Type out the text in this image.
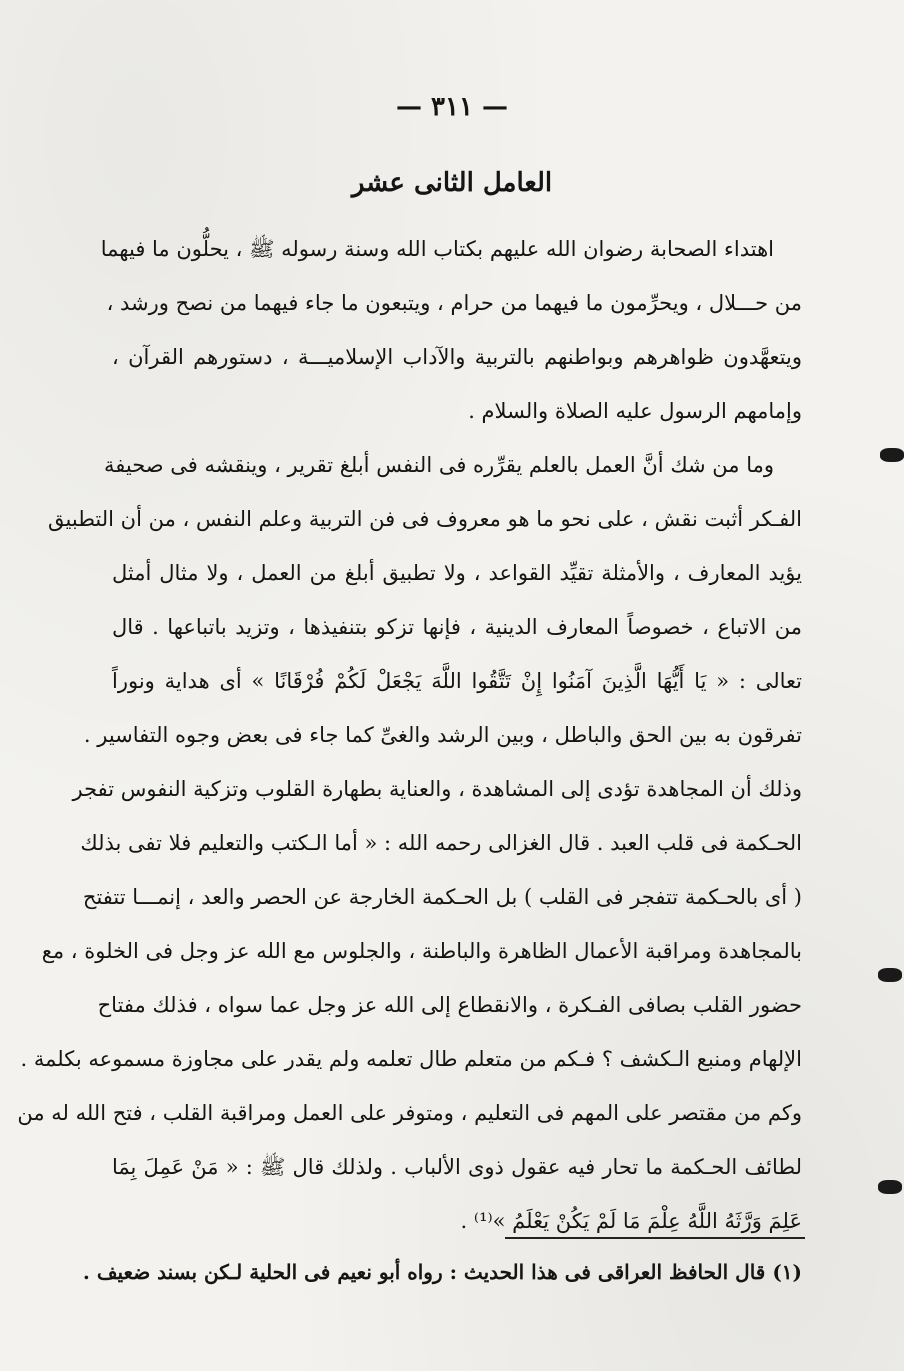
— ٣١١ —
العامل الثانى عشر
اهتداء الصحابة رضوان الله عليهم بكتاب الله وسنة رسوله ﷺ ، يحلُّون ما فيهما
من حـــلال ، ويحرِّمون ما فيهما من حرام ، ويتبعون ما جاء فيهما من نصح ورشد ،
ويتعهَّدون ظواهرهم وبواطنهم بالتربية والآداب الإسلاميـــة ، دستورهم القرآن ،
وإمامهم الرسول عليه الصلاة والسلام .
وما من شك أنَّ العمل بالعلم يقرِّره فى النفس أبلغ تقرير ، وينقشه فى صحيفة
الفـكر أثبت نقش ، على نحو ما هو معروف فى فن التربية وعلم النفس ، من أن التطبيق
يؤيد المعارف ، والأمثلة تقيِّد القواعد ، ولا تطبيق أبلغ من العمل ، ولا مثال أمثل
من الاتباع ، خصوصاً المعارف الدينية ، فإنها تزكو بتنفيذها ، وتزيد باتباعها . قال
تعالى : « يَا أَيُّهَا الَّذِينَ آمَنُوا إِنْ تَتَّقُوا اللَّهَ يَجْعَلْ لَكُمْ فُرْقَانًا » أى هداية ونوراً
تفرقون به بين الحق والباطل ، وبين الرشد والغىِّ كما جاء فى بعض وجوه التفاسير .
وذلك أن المجاهدة تؤدى إلى المشاهدة ، والعناية بطهارة القلوب وتزكية النفوس تفجر
الحـكمة فى قلب العبد . قال الغزالى رحمه الله : « أما الـكتب والتعليم فلا تفى بذلك
( أى بالحـكمة تتفجر فى القلب ) بل الحـكمة الخارجة عن الحصر والعد ، إنمـــا تتفتح
بالمجاهدة ومراقبة الأعمال الظاهرة والباطنة ، والجلوس مع الله عز وجل فى الخلوة ، مع
حضور القلب بصافى الفـكرة ، والانقطاع إلى الله عز وجل عما سواه ، فذلك مفتاح
الإلهام ومنبع الـكشف ؟ فـكم من متعلم طال تعلمه ولم يقدر على مجاوزة مسموعه بكلمة .
وكم من مقتصر على المهم فى التعليم ، ومتوفر على العمل ومراقبة القلب ، فتح الله له من
لطائف الحـكمة ما تحار فيه عقول ذوى الألباب . ولذلك قال ﷺ : « مَنْ عَمِلَ بِمَا
عَلِمَ وَرَّثَهُ اللَّهُ عِلْمَ مَا لَمْ يَكُنْ يَعْلَمُ »⁽¹⁾ .
(١) قال الحافظ العراقى فى هذا الحديث : رواه أبو نعيم فى الحلية لـكن بسند ضعيف .
